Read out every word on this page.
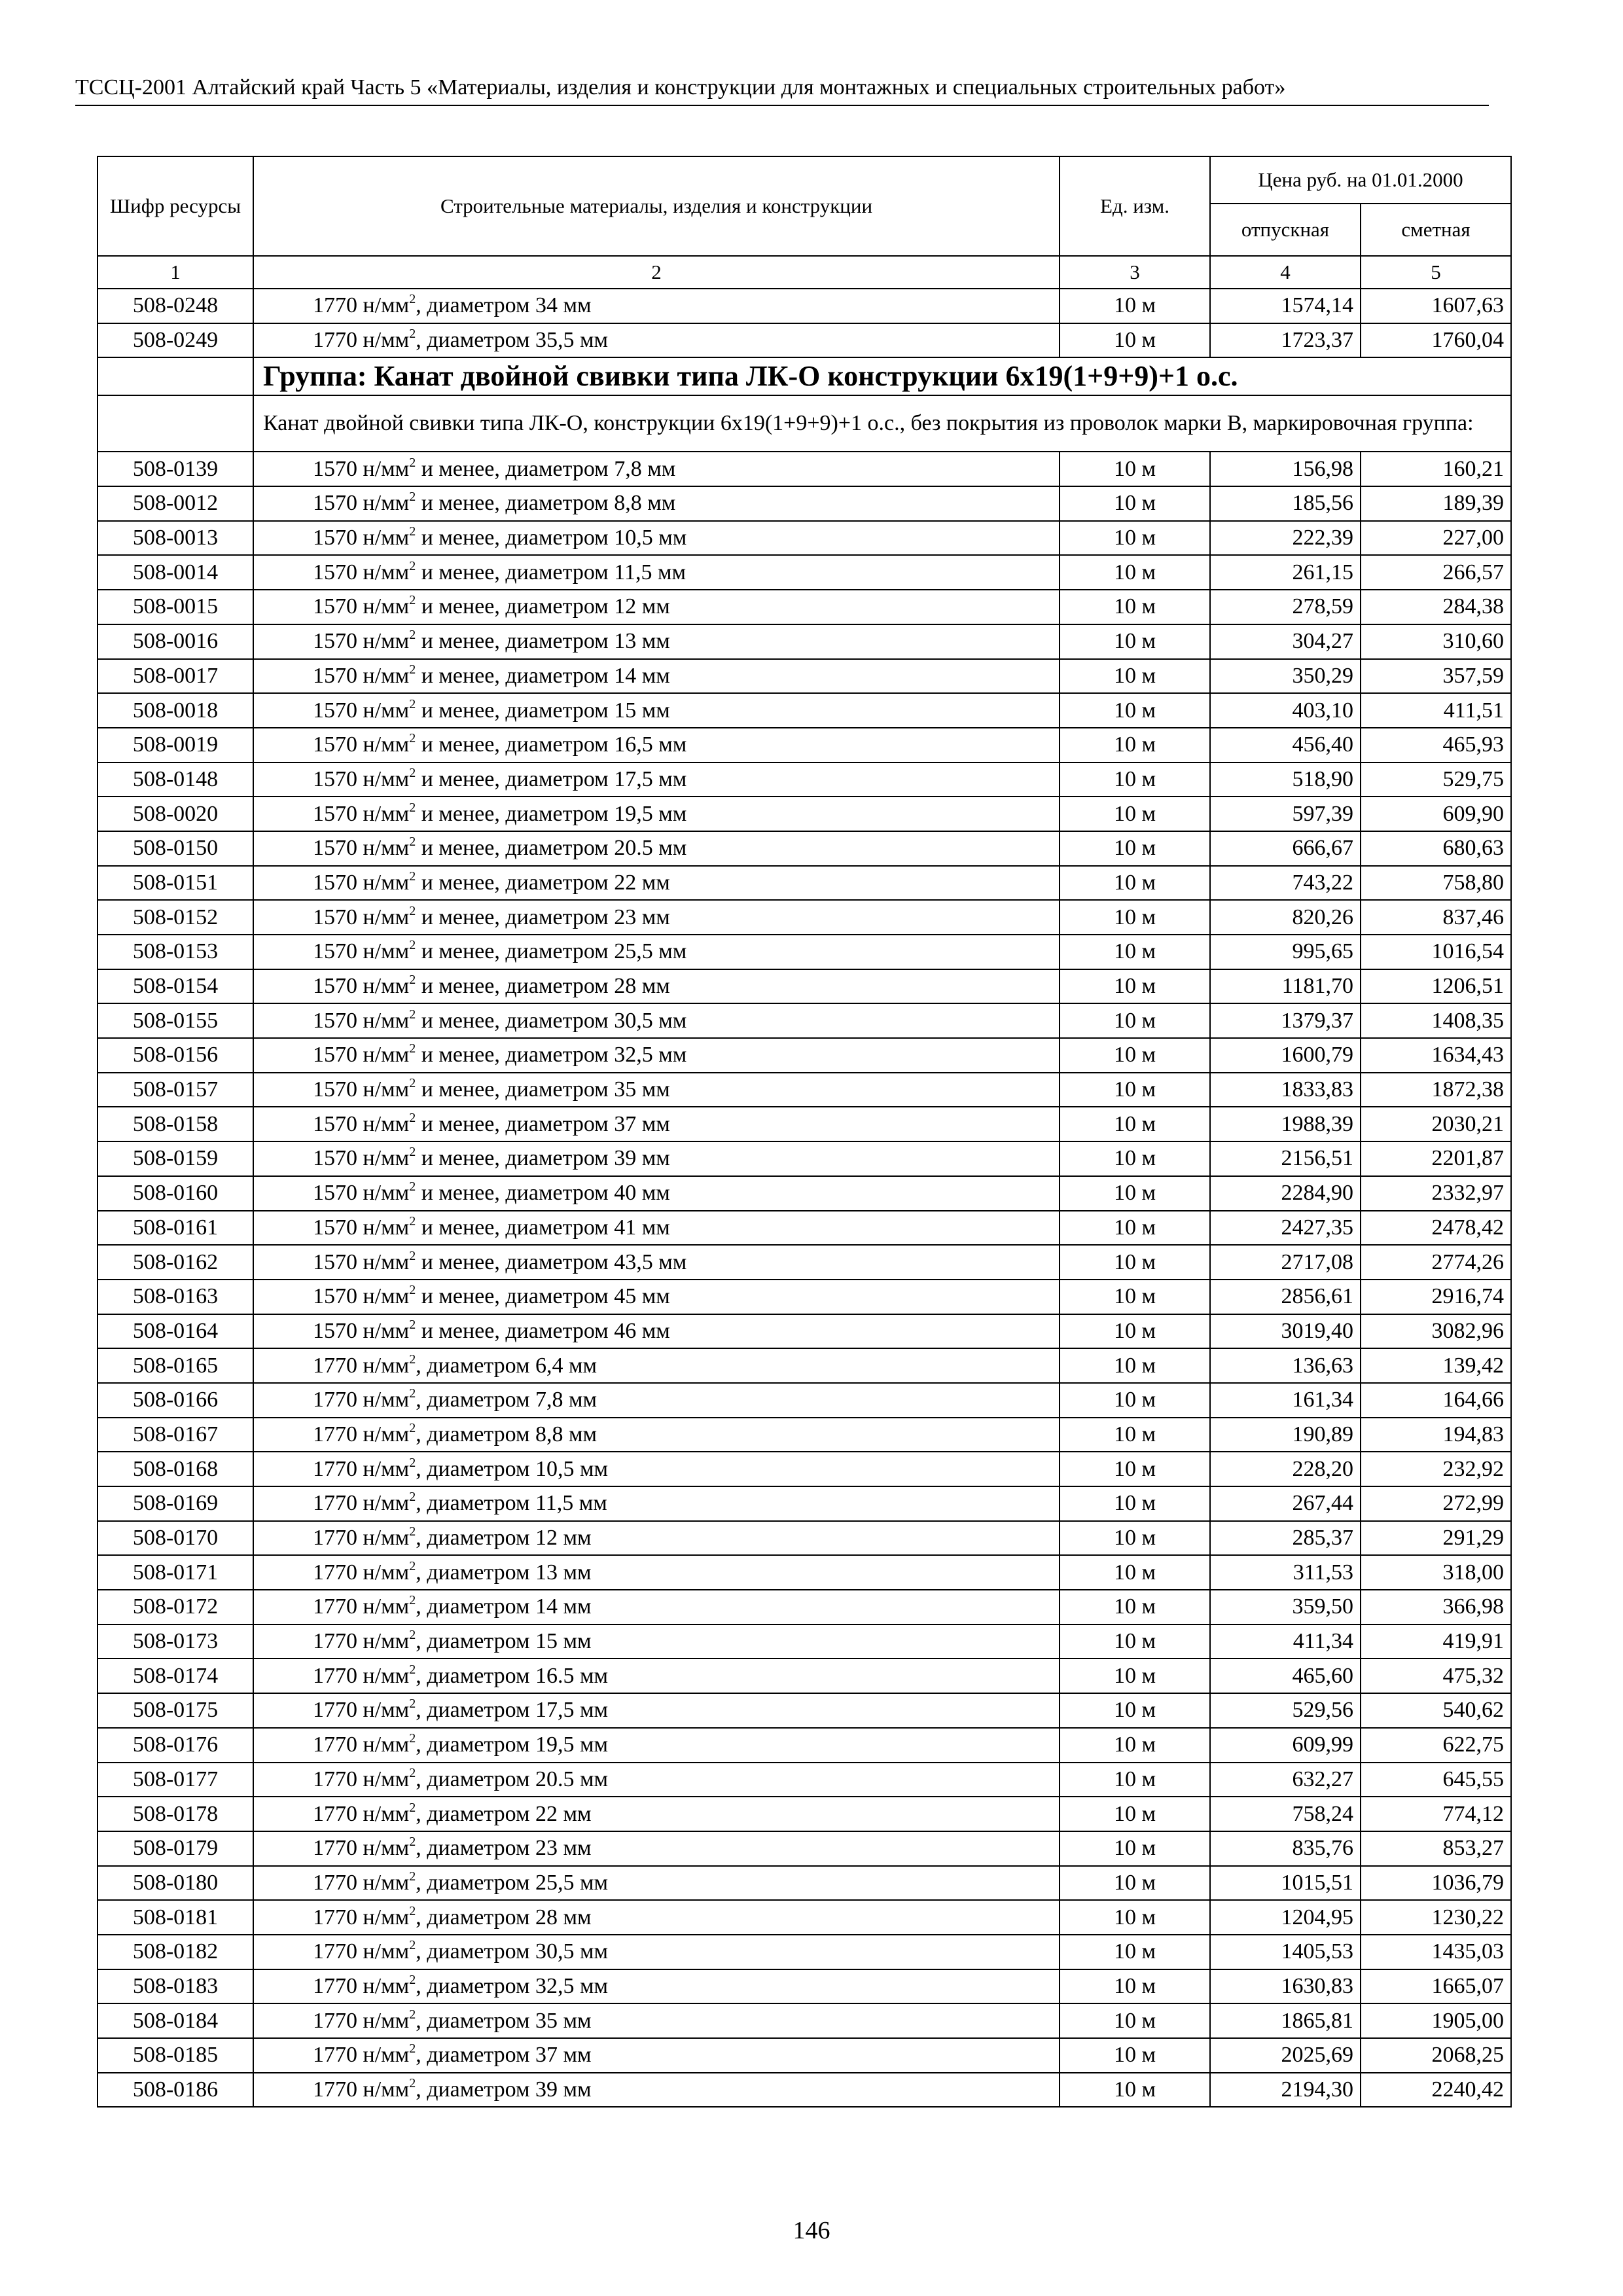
ТССЦ-2001 Алтайский край Часть 5 «Материалы, изделия и конструкции для монтажных и специальных строительных работ»
Шифр ресурсы	Строительные материалы, изделия и конструкции	Ед. изм.	Цена руб. на 01.01.2000	
			отпускная	сметная
1	2	3	4	5
508-0248	1770 $н/мм^2$, диаметром 34 мм	10 м	1574,14	1607,63
508-0249	1770 $н/мм^2$, диаметром 35,5 мм	10 м	1723,37	1760,04
	Группа: Канат двойной свивки типа ЛК-О конструкции 6x19(1+9+9)+1 о.с.			
	Канат двойной свивки типа ЛК-О, конструкции 6x19(1+9+9)+1 о.с., без покрытия из проволок марки В, маркировочная группа:			
508-0139	1570 $н/мм^2$ и менее, диаметром 7,8 мм	10 м	156,98	160,21
508-0012	1570 $н/мм^2$ и менее, диаметром 8,8 мм	10 м	185,56	189,39
508-0013	1570 $н/мм^2$ и менее, диаметром 10,5 мм	10 м	222,39	227,00
508-0014	1570 $н/мм^2$ и менее, диаметром 11,5 мм	10 м	261,15	266,57
508-0015	1570 $н/мм^2$ и менее, диаметром 12 мм	10 м	278,59	284,38
508-0016	1570 $н/мм^2$ и менее, диаметром 13 мм	10 м	304,27	310,60
508-0017	1570 $н/мм^2$ и менее, диаметром 14 мм	10 м	350,29	357,59
508-0018	1570 $н/мм^2$ и менее, диаметром 15 мм	10 м	403,10	411,51
508-0019	1570 $н/мм^2$ и менее, диаметром 16,5 мм	10 м	456,40	465,93
508-0148	1570 $н/мм^2$ и менее, диаметром 17,5 мм	10 м	518,90	529,75
508-0020	1570 $н/мм^2$ и менее, диаметром 19,5 мм	10 м	597,39	609,90
508-0150	1570 $н/мм^2$ и менее, диаметром 20.5 мм	10 м	666,67	680,63
508-0151	1570 $н/мм^2$ и менее, диаметром 22 мм	10 м	743,22	758,80
508-0152	1570 $н/мм^2$ и менее, диаметром 23 мм	10 м	820,26	837,46
508-0153	1570 $н/мм^2$ и менее, диаметром 25,5 мм	10 м	995,65	1016,54
508-0154	1570 $н/мм^2$ и менее, диаметром 28 мм	10 м	1181,70	1206,51
508-0155	1570 $н/мм^2$ и менее, диаметром 30,5 мм	10 м	1379,37	1408,35
508-0156	1570 $н/мм^2$ и менее, диаметром 32,5 мм	10 м	1600,79	1634,43
508-0157	1570 $н/мм^2$ и менее, диаметром 35 мм	10 м	1833,83	1872,38
508-0158	1570 $н/мм^2$ и менее, диаметром 37 мм	10 м	1988,39	2030,21
508-0159	1570 $н/мм^2$ и менее, диаметром 39 мм	10 м	2156,51	2201,87
508-0160	1570 $н/мм^2$ и менее, диаметром 40 мм	10 м	2284,90	2332,97
508-0161	1570 $н/мм^2$ и менее, диаметром 41 мм	10 м	2427,35	2478,42
508-0162	1570 $н/мм^2$ и менее, диаметром 43,5 мм	10 м	2717,08	2774,26
508-0163	1570 $н/мм^2$ и менее, диаметром 45 мм	10 м	2856,61	2916,74
508-0164	1570 $н/мм^2$ и менее, диаметром 46 мм	10 м	3019,40	3082,96
508-0165	1770 $н/мм^2$, диаметром 6,4 мм	10 м	136,63	139,42
508-0166	1770 $н/мм^2$, диаметром 7,8 мм	10 м	161,34	164,66
508-0167	1770 $н/мм^2$, диаметром 8,8 мм	10 м	190,89	194,83
508-0168	1770 $н/мм^2$, диаметром 10,5 мм	10 м	228,20	232,92
508-0169	1770 $н/мм^2$, диаметром 11,5 мм	10 м	267,44	272,99
508-0170	1770 $н/мм^2$, диаметром 12 мм	10 м	285,37	291,29
508-0171	1770 $н/мм^2$, диаметром 13 мм	10 м	311,53	318,00
508-0172	1770 $н/мм^2$, диаметром 14 мм	10 м	359,50	366,98
508-0173	1770 $н/мм^2$, диаметром 15 мм	10 м	411,34	419,91
508-0174	1770 $н/мм^2$, диаметром 16.5 мм	10 м	465,60	475,32
508-0175	1770 $н/мм^2$, диаметром 17,5 мм	10 м	529,56	540,62
508-0176	1770 $н/мм^2$, диаметром 19,5 мм	10 м	609,99	622,75
508-0177	1770 $н/мм^2$, диаметром 20.5 мм	10 м	632,27	645,55
508-0178	1770 $н/мм^2$, диаметром 22 мм	10 м	758,24	774,12
508-0179	1770 $н/мм^2$, диаметром 23 мм	10 м	835,76	853,27
508-0180	1770 $н/мм^2$, диаметром 25,5 мм	10 м	1015,51	1036,79
508-0181	1770 $н/мм^2$, диаметром 28 мм	10 м	1204,95	1230,22
508-0182	1770 $н/мм^2$, диаметром 30,5 мм	10 м	1405,53	1435,03
508-0183	1770 $н/мм^2$, диаметром 32,5 мм	10 м	1630,83	1665,07
508-0184	1770 $н/мм^2$, диаметром 35 мм	10 м	1865,81	1905,00
508-0185	1770 $н/мм^2$, диаметром 37 мм	10 м	2025,69	2068,25
508-0186	1770 $н/мм^2$, диаметром 39 мм	10 м	2194,30	2240,42
146
